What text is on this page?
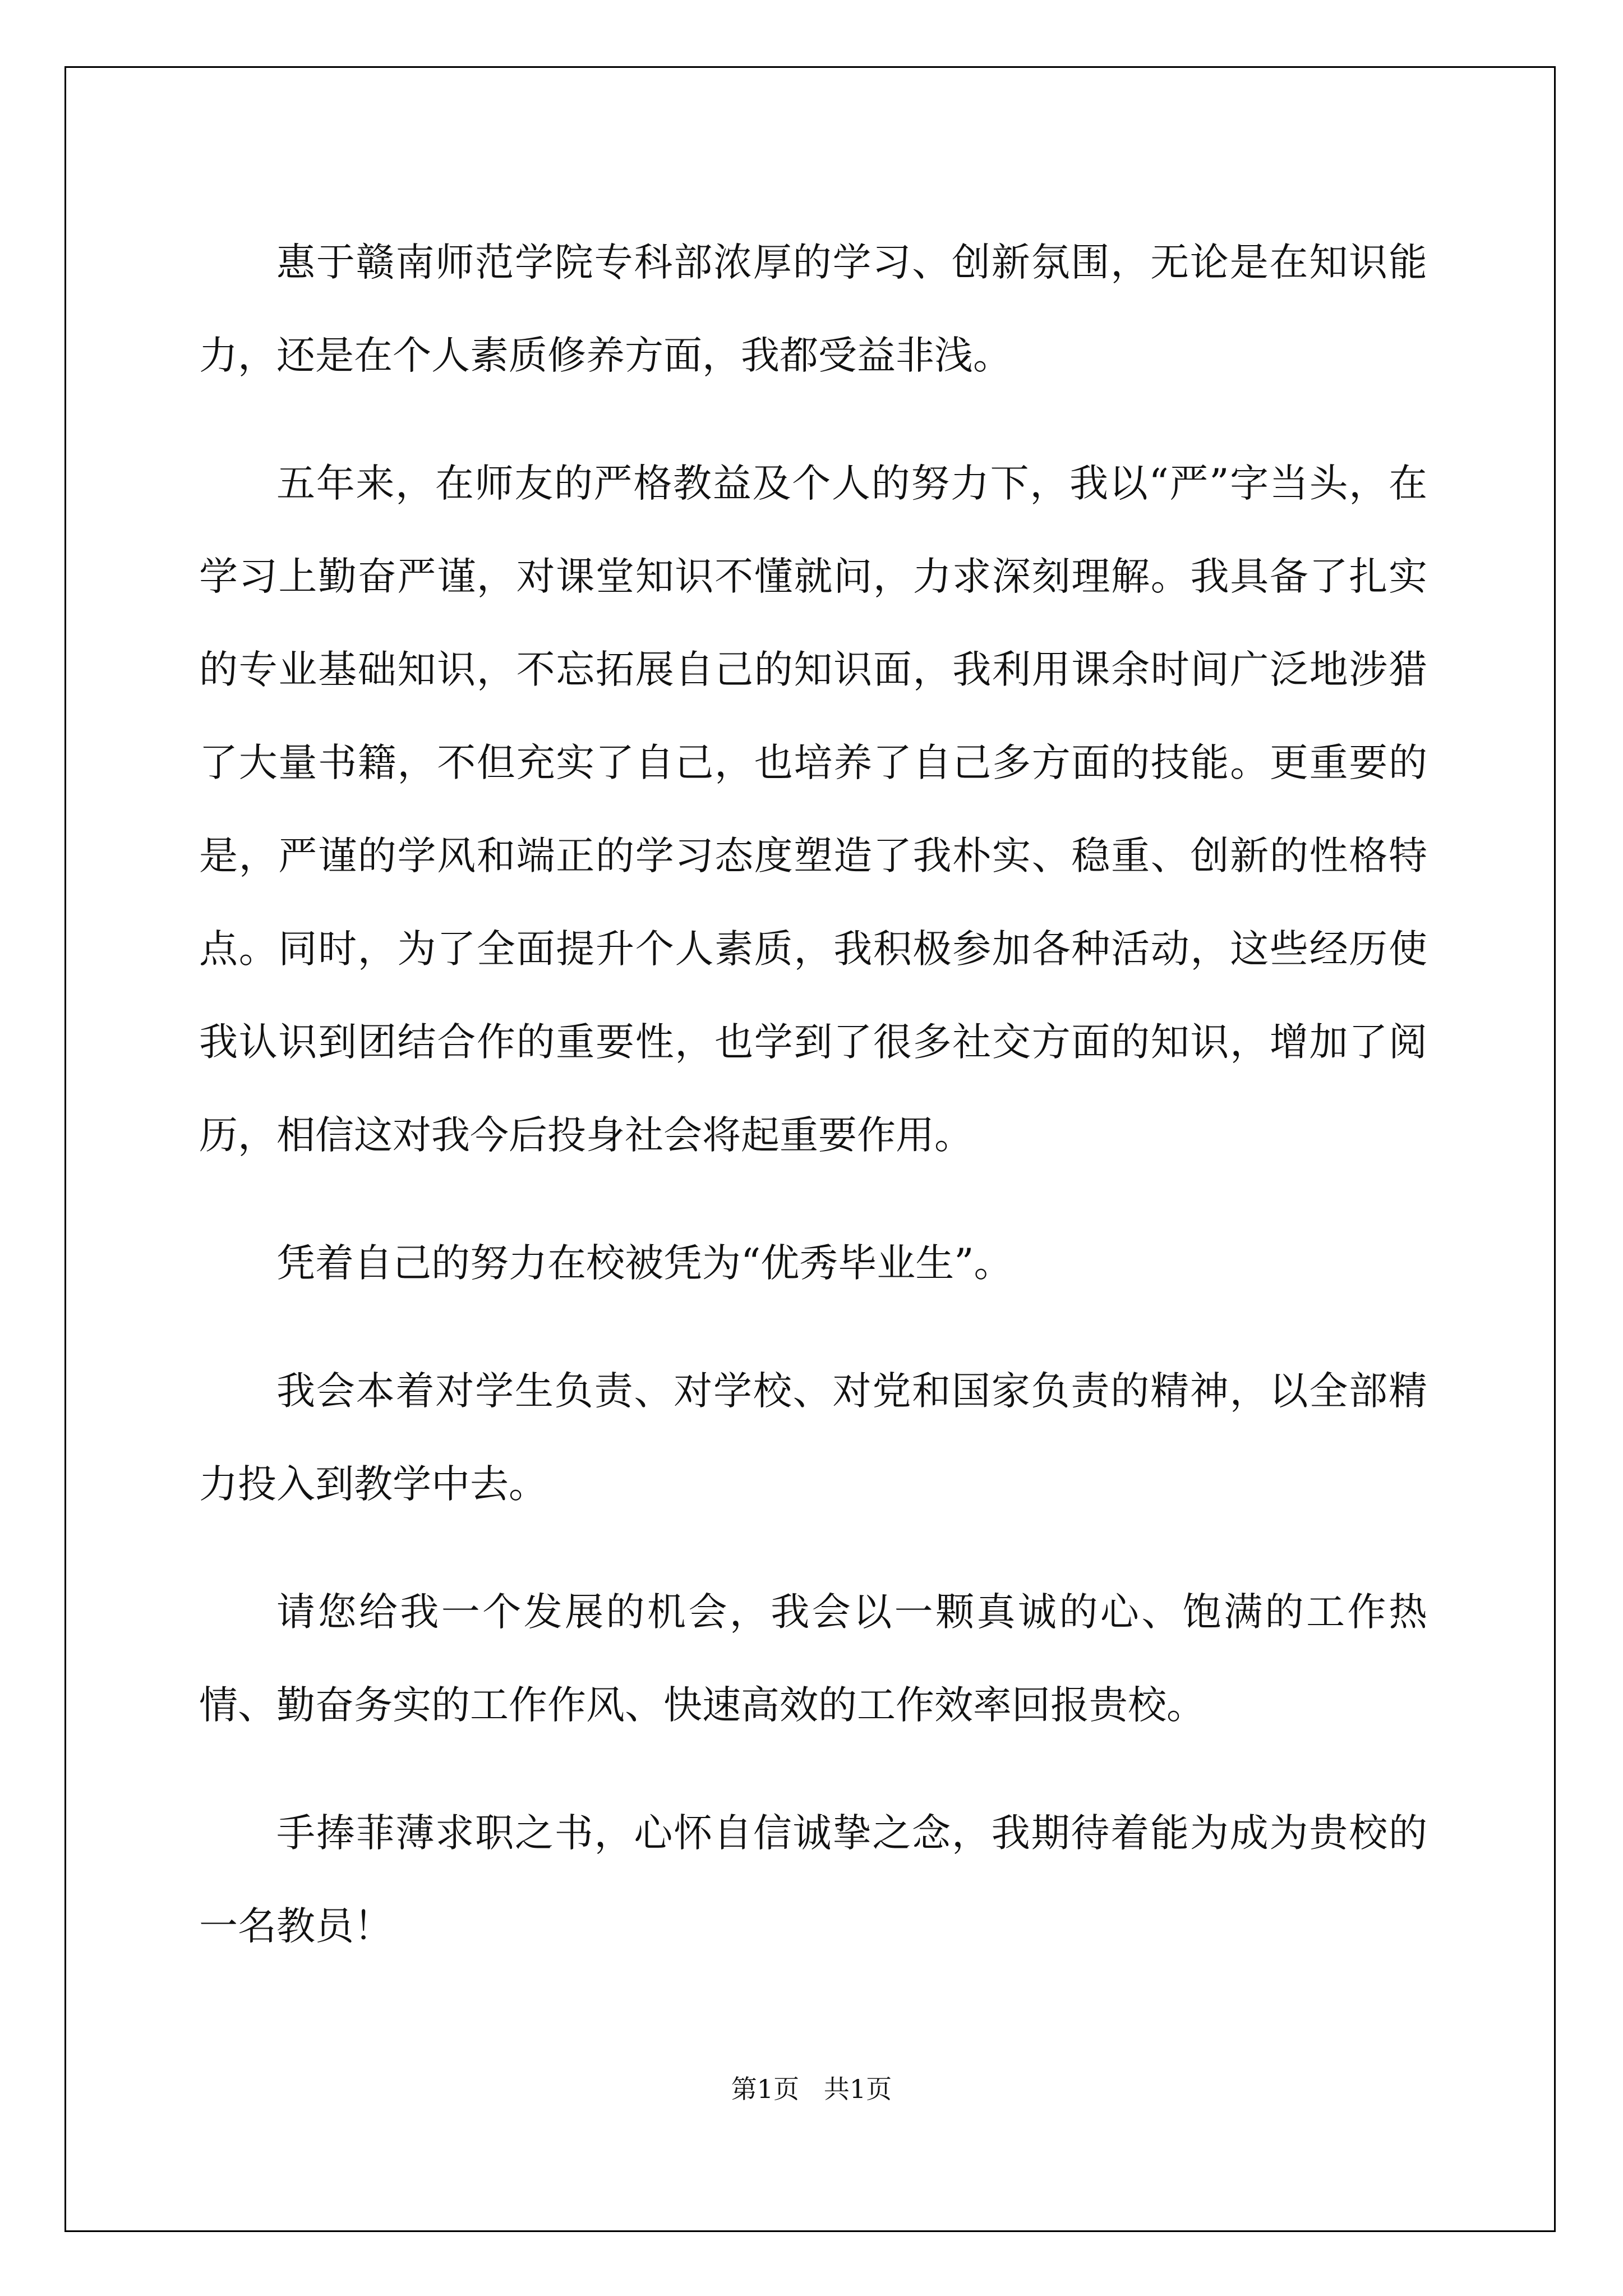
惠于赣南师范学院专科部浓厚的学习、创新氛围，无论是在知识能力，还是在个人素质修养方面，我都受益非浅。

五年来，在师友的严格教益及个人的努力下，我以“严”字当头，在学习上勤奋严谨，对课堂知识不懂就问，力求深刻理解。我具备了扎实的专业基础知识，不忘拓展自己的知识面，我利用课余时间广泛地涉猎了大量书籍，不但充实了自己，也培养了自己多方面的技能。更重要的是，严谨的学风和端正的学习态度塑造了我朴实、稳重、创新的性格特点。同时，为了全面提升个人素质，我积极参加各种活动，这些经历使我认识到团结合作的重要性，也学到了很多社交方面的知识，增加了阅历，相信这对我今后投身社会将起重要作用。

凭着自己的努力在校被凭为“优秀毕业生”。

我会本着对学生负责、对学校、对党和国家负责的精神，以全部精力投入到教学中去。

请您给我一个发展的机会，我会以一颗真诚的心、饱满的工作热情、勤奋务实的工作作风、快速高效的工作效率回报贵校。

手捧菲薄求职之书，心怀自信诚挚之念，我期待着能为成为贵校的一名教员！

第1页   共1页
